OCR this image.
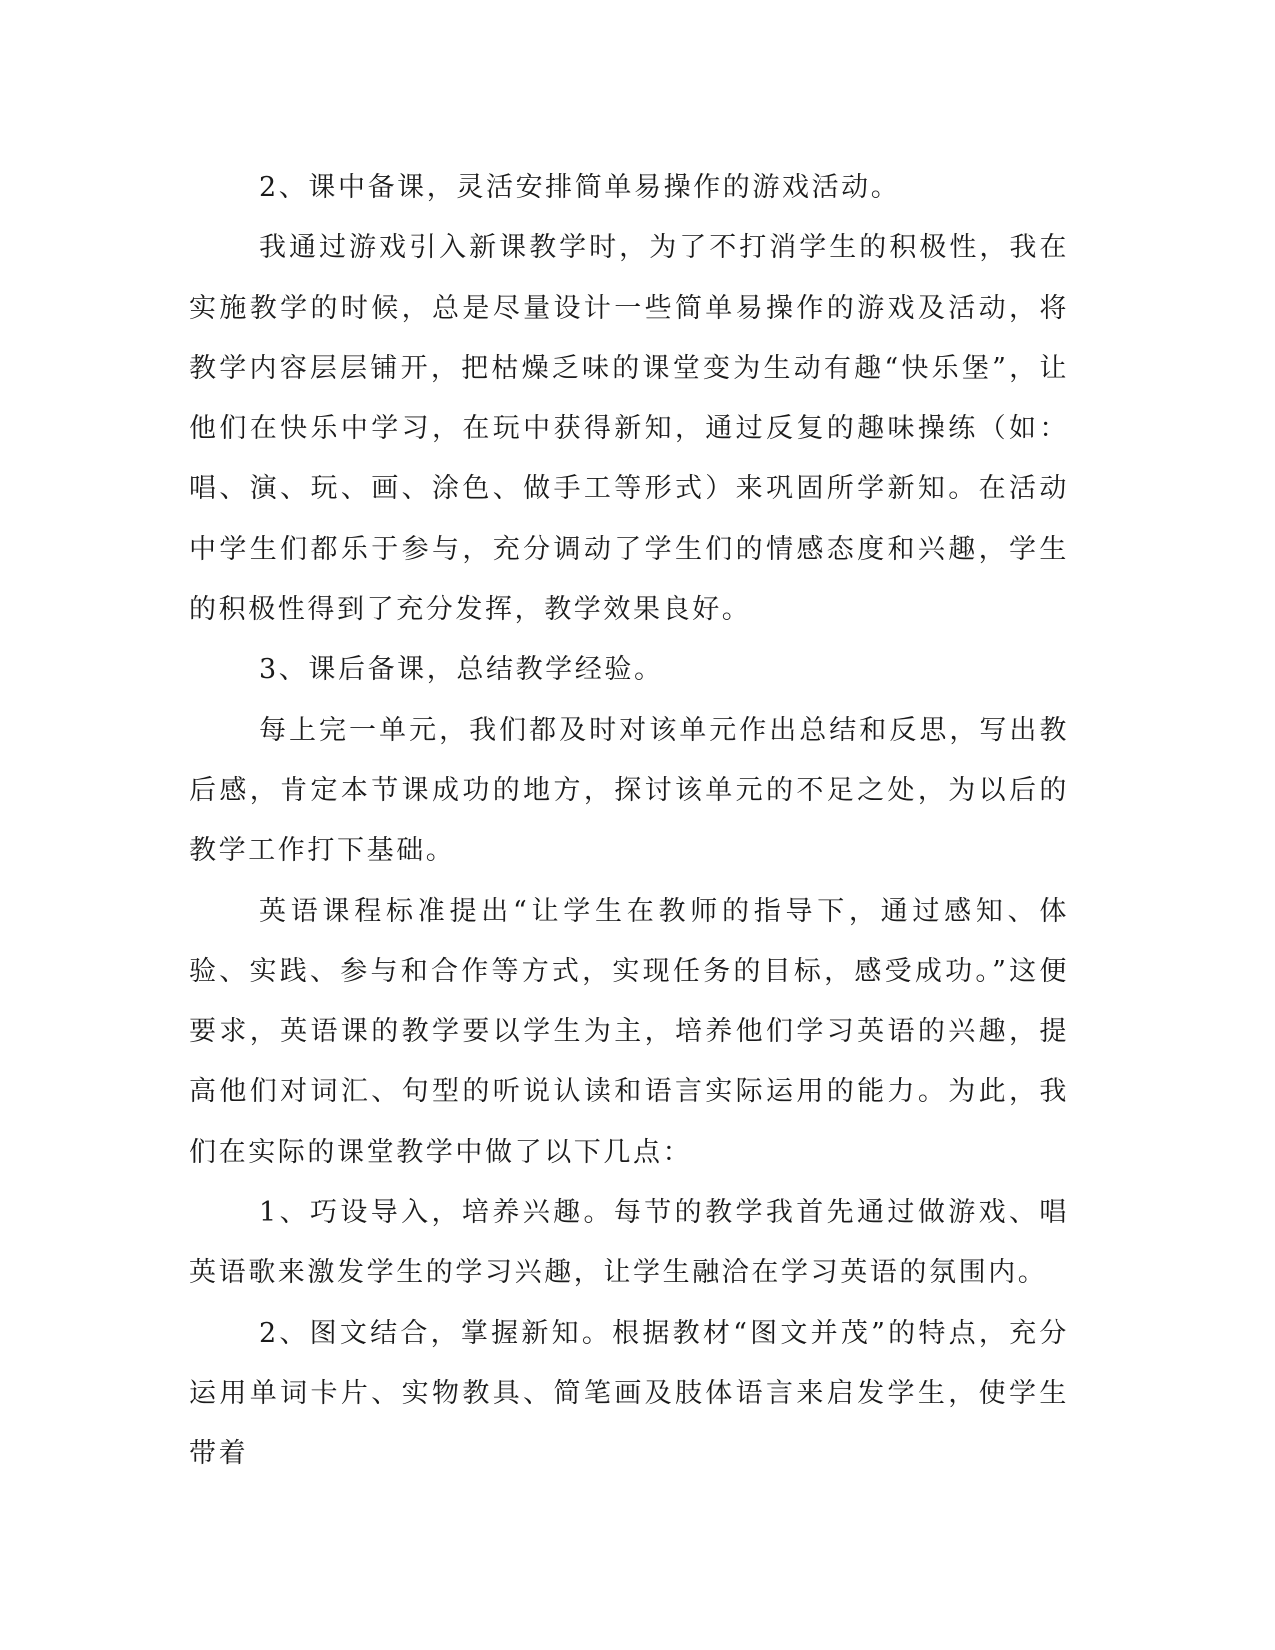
2、课中备课，灵活安排简单易操作的游戏活动。

我通过游戏引入新课教学时，为了不打消学生的积极性，我在实施教学的时候，总是尽量设计一些简单易操作的游戏及活动，将教学内容层层铺开，把枯燥乏味的课堂变为生动有趣“快乐堡”，让他们在快乐中学习，在玩中获得新知，通过反复的趣味操练（如：唱、演、玩、画、涂色、做手工等形式）来巩固所学新知。在活动中学生们都乐于参与，充分调动了学生们的情感态度和兴趣，学生的积极性得到了充分发挥，教学效果良好。

3、课后备课，总结教学经验。

每上完一单元，我们都及时对该单元作出总结和反思，写出教后感，肯定本节课成功的地方，探讨该单元的不足之处，为以后的教学工作打下基础。

英语课程标准提出“让学生在教师的指导下，通过感知、体验、实践、参与和合作等方式，实现任务的目标，感受成功。”这便要求，英语课的教学要以学生为主，培养他们学习英语的兴趣，提高他们对词汇、句型的听说认读和语言实际运用的能力。为此，我们在实际的课堂教学中做了以下几点：

1、巧设导入，培养兴趣。每节的教学我首先通过做游戏、唱英语歌来激发学生的学习兴趣，让学生融洽在学习英语的氛围内。

2、图文结合，掌握新知。根据教材“图文并茂”的特点，充分运用单词卡片、实物教具、简笔画及肢体语言来启发学生，使学生带着
